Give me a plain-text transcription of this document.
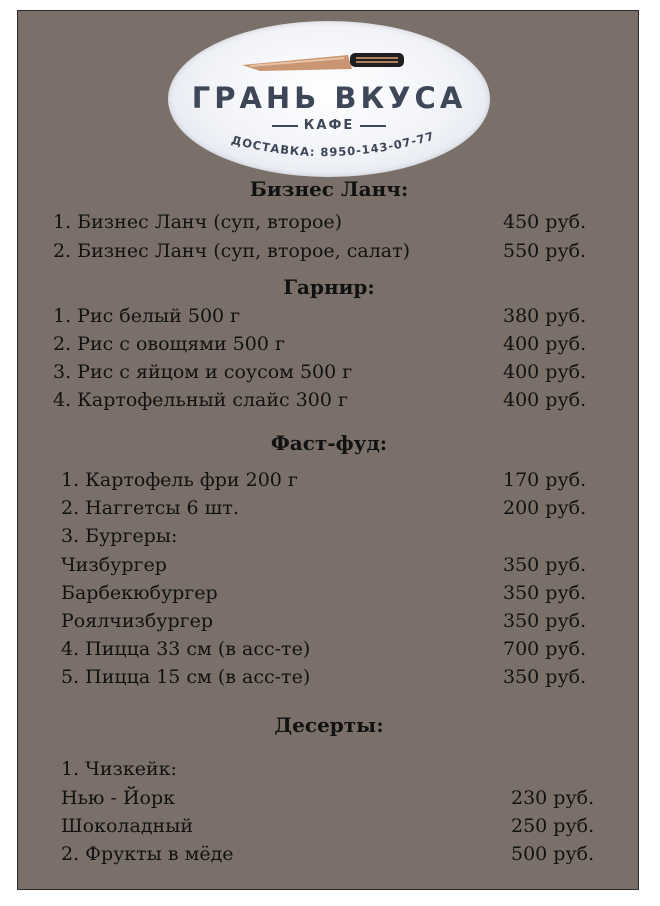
ГРАНЬ ВКУСА
КАФЕ
ДОСТАВКА: 8950-143-07-77
Бизнес Ланч:
1. Бизнес Ланч (суп, второе)	450 руб.
2. Бизнес Ланч (суп, второе, салат)	550 руб.
Гарнир:
1. Рис белый 500 г	380 руб.
2. Рис с овощями 500 г	400 руб.
3. Рис с яйцом и соусом 500 г	400 руб.
4. Картофельный слайс 300 г	400 руб.
Фаст-фуд:
1. Картофель фри 200 г	170 руб.
2. Наггетсы 6 шт.	200 руб.
3. Бургеры:
Чизбургер	350 руб.
Барбекюбургер	350 руб.
Роялчизбургер	350 руб.
4. Пицца 33 см (в асс-те)	700 руб.
5. Пицца 15 см (в асс-те)	350 руб.
Десерты:
1. Чизкейк:
Нью - Йорк	230 руб.
Шоколадный	250 руб.
2. Фрукты в мёде	500 руб.
